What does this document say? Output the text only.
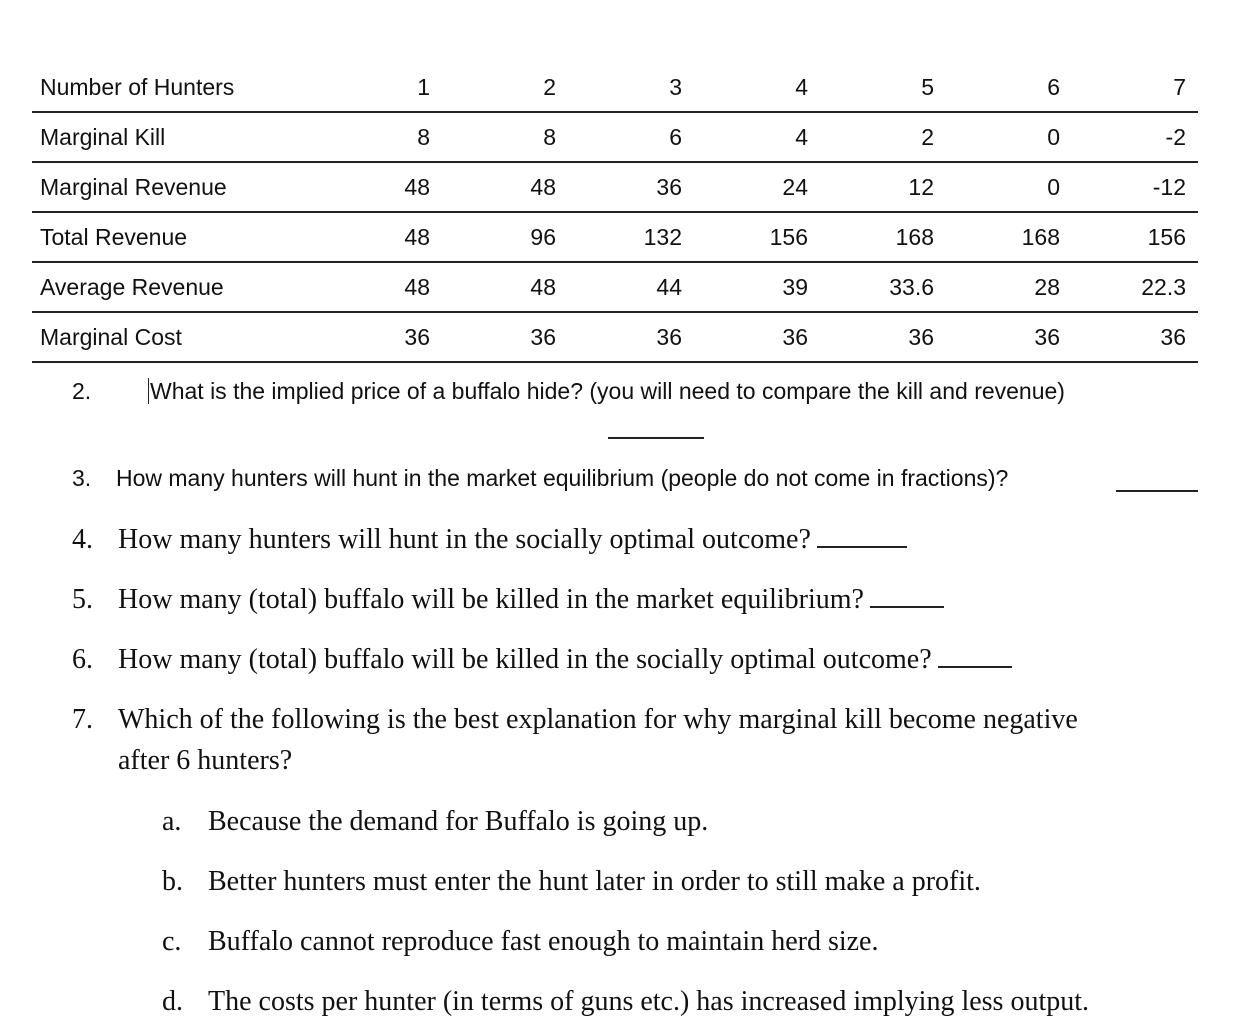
Number of Hunters	1	2	3	4	5	6	7
Marginal Kill	8	8	6	4	2	0	-2
Marginal Revenue	48	48	36	24	12	0	-12
Total Revenue	48	96	132	156	168	168	156
Average Revenue	48	48	44	39	33.6	28	22.3
Marginal Cost	36	36	36	36	36	36	36
2.	What is the implied price of a buffalo hide? (you will need to compare the kill and revenue)
3. How many hunters will hunt in the market equilibrium (people do not come in fractions)?
4. How many hunters will hunt in the socially optimal outcome?
5. How many (total) buffalo will be killed in the market equilibrium?
6. How many (total) buffalo will be killed in the socially optimal outcome?
7. Which of the following is the best explanation for why marginal kill become negative
after 6 hunters?
a. Because the demand for Buffalo is going up.
b. Better hunters must enter the hunt later in order to still make a profit.
c. Buffalo cannot reproduce fast enough to maintain herd size.
d. The costs per hunter (in terms of guns etc.) has increased implying less output.
